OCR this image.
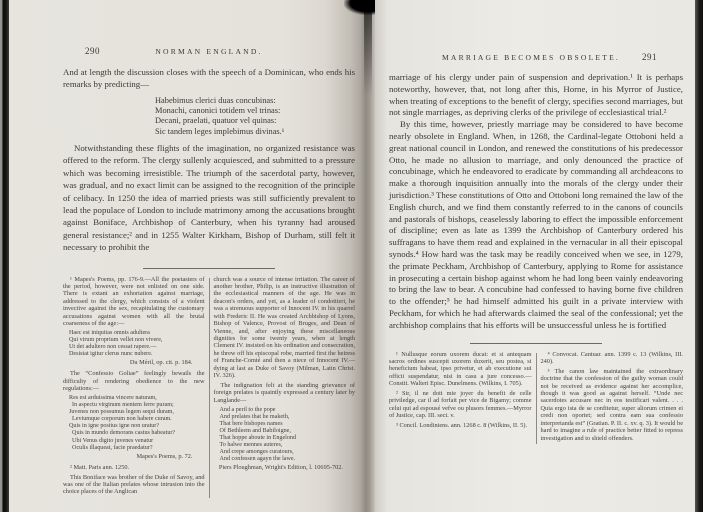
290	NORMAN ENGLAND.

And at length the discussion closes with the speech of a Dominican, who ends his remarks by predicting—

Habebimus clerici duas concubinas:
Monachi, canonici totidem vel trinas:
Decani, praelati, quatuor vel quinas:
Sic tandem leges implebimus divinas.¹

Notwithstanding these flights of the imagination, no organized resistance was offered to the reform. The clergy sullenly acquiesced, and submitted to a pressure which was becoming irresistible. The triumph of the sacerdotal party, however, was gradual, and no exact limit can be assigned to the recognition of the principle of celibacy. In 1250 the idea of married priests was still sufficiently prevalent to lead the populace of London to include matrimony among the accusations brought against Boniface, Archbishop of Canterbury, when his tyranny had aroused general resistance;² and in 1255 Walter Kirkham, Bishop of Durham, still felt it necessary to prohibit the

¹ Mapes's Poems, pp. 176-9.—All the poetasters of the period, however, were not enlisted on one side. There is extant an exhortation against marriage, addressed to the clergy, which consists of a violent invective against the sex, recapitulating the customary accusations against women with all the brutal coarseness of the age:—

Haec est iniquitas omnis adultera
Qui virum proprium vellet non vivere,
Ut det adultero non cessat rapere.—
Desistat igitur clerus nunc nubere.
Du Méril, op. cit. p. 184.

The “Confessio Goliae” feelingly bewails the difficulty of rendering obedience to the new regulations:—

Res est arduissima vincere naturam,
In aspectu virginum mentem ferre puram;
Juvenes non possumus legem sequi duram,
Leviumque corporum non habere curam.
Quis in igne positus igne non uratur?
Quis in mundo demorans castus habeatur?
Ubi Venus digito juvenes venatur
Oculis illaqueat, facie praedatur?
Mapes's Poems, p. 72.

² Matt. Paris ann. 1250.

This Boniface was brother of the Duke of Savoy, and was one of the Italian prelates whose intrusion into the choice places of the Anglican

church was a source of intense irritation. The career of another brother, Philip, is an instructive illustration of the ecclesiastical manners of the age. He was in deacon's orders, and yet, as a leader of condottieri, he was a strenuous supporter of Innocent IV. in his quarrel with Frederic II. He was created Archbishop of Lyons, Bishop of Valence, Provost of Bruges, and Dean of Vienne, and, after enjoying these miscellaneous dignities for some twenty years, when at length Clement IV. insisted on his ordination and consecration, he threw off his episcopal robe, married first the heiress of Franche-Comté and then a niece of Innocent IV.—dying at last as Duke of Savoy (Milman, Latin Christ. IV. 326).

The indignation felt at the standing grievance of foreign prelates is quaintly expressed a century later by Langlande—

And a peril to the pope
And prelates that he maketh,
That bere bishopes names
Of Bethleem and Babiloigne,
That hoppe aboute in Engelond
To halwe mennes auteres,
And crepe amonges curatours,
And confessen agayn the lawe.
Piers Ploughman, Wright's Edition, l. 10695-702.
MARRIAGE BECOMES OBSOLETE.	291

marriage of his clergy under pain of suspension and deprivation.¹ It is perhaps noteworthy, however, that, not long after this, Horne, in his Myrror of Justice, when treating of exceptions to the benefit of clergy, specifies second marriages, but not single marriages, as depriving clerks of the privilege of ecclesiastical trial.²

By this time, however, priestly marriage may be considered to have become nearly obsolete in England. When, in 1268, the Cardinal-legate Ottoboni held a great national council in London, and renewed the constitutions of his predecessor Otto, he made no allusion to marriage, and only denounced the practice of concubinage, which he endeavored to eradicate by commanding all archdeacons to make a thorough inquisition annually into the morals of the clergy under their jurisdiction.³ These constitutions of Otto and Ottoboni long remained the law of the English church, and we find them constantly referred to in the canons of councils and pastorals of bishops, ceaselessly laboring to effect the impossible enforcement of discipline; even as late as 1399 the Archbishop of Canterbury ordered his suffragans to have them read and explained in the vernacular in all their episcopal synods.⁴ How hard was the task may be readily conceived when we see, in 1279, the primate Peckham, Archbishop of Canterbury, applying to Rome for assistance in prosecuting a certain bishop against whom he had long been vainly endeavoring to bring the law to bear. A concubine had confessed to having borne five children to the offender;⁵ he had himself admitted his guilt in a private interview with Peckham, for which he had afterwards claimed the seal of the confessional; yet the archbishop complains that his efforts will be unsuccessful unless he is fortified

¹ Nullusque eorum uxorem ducat: et si antequam sacros ordines suscepit uxorem duxerit, seu postea, si beneficium habeat, ipso privetur, et ab executione sui officii suspendatur, nisi in casu a jure concesso.—Constit. Walteri Episc. Dunelmens. (Wilkins, I. 705).

² Sir, il ne doit mie joyer du benefit de celle priviledge, car il ad forfait per vice de Bigamy; comme celui qui ad espousé vefve ou plusors femmes.—Myrror of Justice, cap. III. sect. v.

³ Concil. Londiniens. ann. 1268 c. 8 (Wilkins, II. 5).

⁴ Convocat. Cantuar. ann. 1399 c. 13 (Wilkins, III. 240).

⁵ The canon law maintained the extraordinary doctrine that the confession of the guilty woman could not be received as evidence against her accomplice, though it was good as against herself. “Unde nec sacerdotes accusare nec in eos testificari valent. . . . Quia ergo ista de se confitetur, super aliorum crimen ei credi non oportet; sed contra eam sua confessio interpretanda est” (Gratian. P. II. c. xv. q. 3). It would be hard to imagine a rule of practice better fitted to repress investigation and to shield offenders.
